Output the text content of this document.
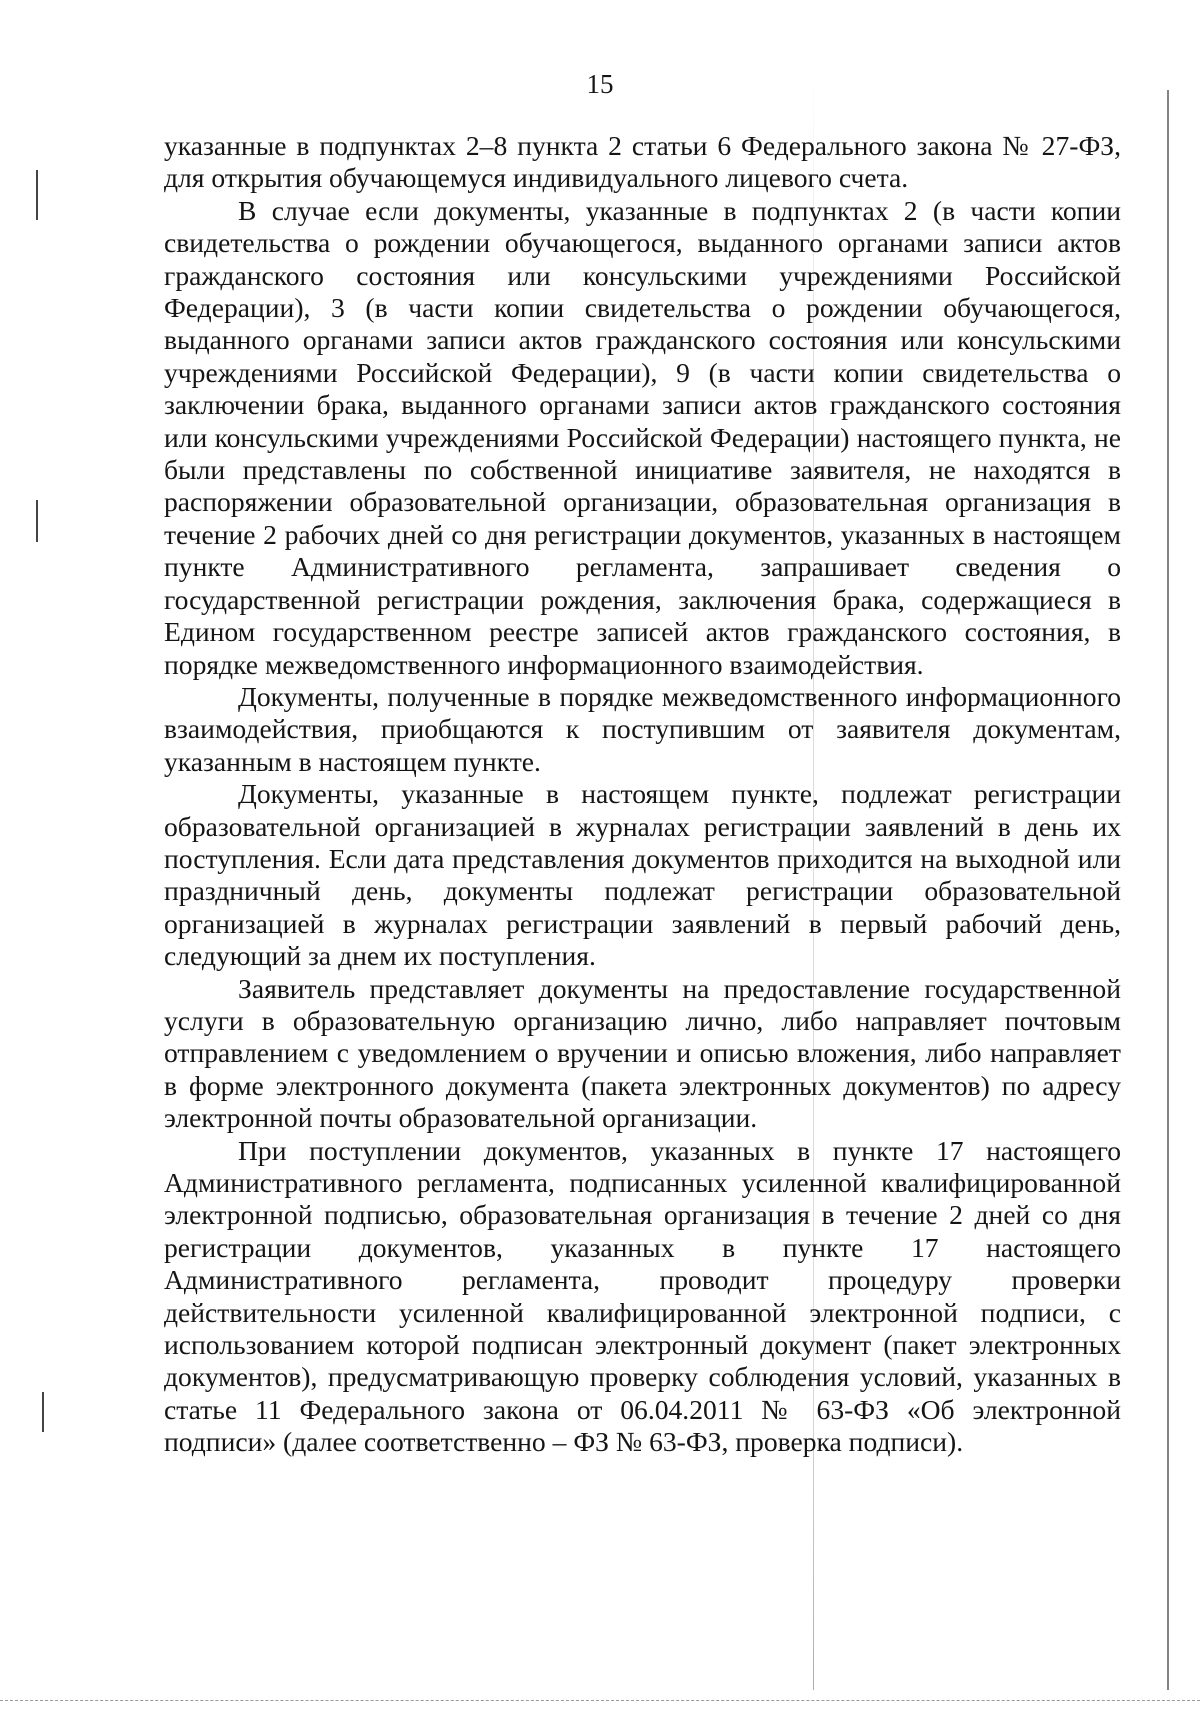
15

указанные в подпунктах 2–8 пункта 2 статьи 6 Федерального закона № 27-ФЗ, для открытия обучающемуся индивидуального лицевого счета.

В случае если документы, указанные в подпунктах 2 (в части копии свидетельства о рождении обучающегося, выданного органами записи актов гражданского состояния или консульскими учреждениями Российской Федерации), 3 (в части копии свидетельства о рождении обучающегося, выданного органами записи актов гражданского состояния или консульскими учреждениями Российской Федерации), 9 (в части копии свидетельства о заключении брака, выданного органами записи актов гражданского состояния или консульскими учреждениями Российской Федерации) настоящего пункта, не были представлены по собственной инициативе заявителя, не находятся в распоряжении образовательной организации, образовательная организация в течение 2 рабочих дней со дня регистрации документов, указанных в настоящем пункте Административного регламента, запрашивает сведения о государственной регистрации рождения, заключения брака, содержащиеся в Едином государственном реестре записей актов гражданского состояния, в порядке межведомственного информационного взаимодействия.

Документы, полученные в порядке межведомственного информационного взаимодействия, приобщаются к поступившим от заявителя документам, указанным в настоящем пункте.

Документы, указанные в настоящем пункте, подлежат регистрации образовательной организацией в журналах регистрации заявлений в день их поступления. Если дата представления документов приходится на выходной или праздничный день, документы подлежат регистрации образовательной организацией в журналах регистрации заявлений в первый рабочий день, следующий за днем их поступления.

Заявитель представляет документы на предоставление государственной услуги в образовательную организацию лично, либо направляет почтовым отправлением с уведомлением о вручении и описью вложения, либо направляет в форме электронного документа (пакета электронных документов) по адресу электронной почты образовательной организации.

При поступлении документов, указанных в пункте 17 настоящего Административного регламента, подписанных усиленной квалифицированной электронной подписью, образовательная организация в течение 2 дней со дня регистрации документов, указанных в пункте 17 настоящего Административного регламента, проводит процедуру проверки действительности усиленной квалифицированной электронной подписи, с использованием которой подписан электронный документ (пакет электронных документов), предусматривающую проверку соблюдения условий, указанных в статье 11 Федерального закона от 06.04.2011 № 63-ФЗ «Об электронной подписи» (далее соответственно – ФЗ № 63-ФЗ, проверка подписи).
